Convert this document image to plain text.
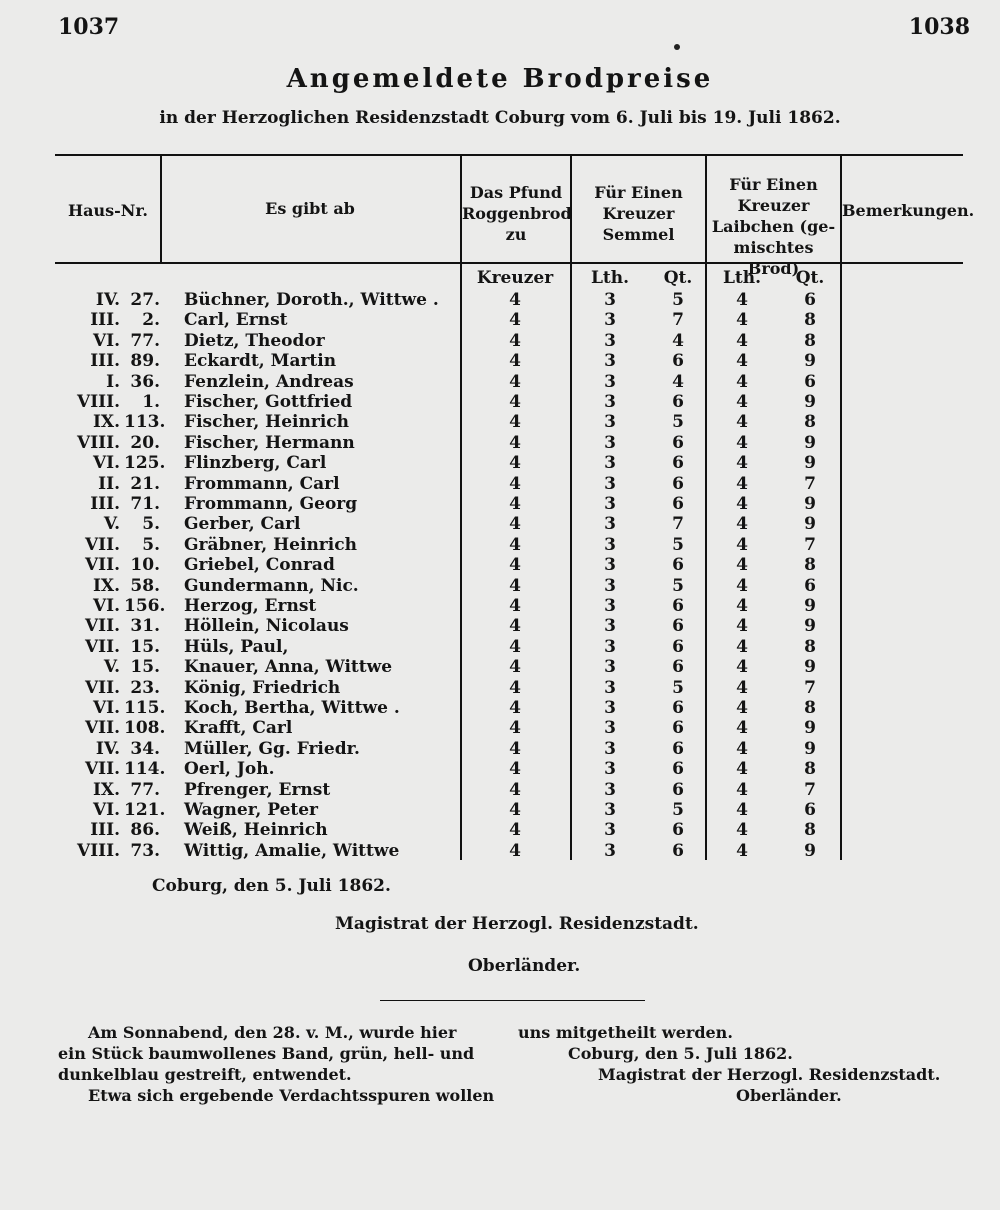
1037	1038
Angemeldete Brodpreise
in der Herzoglichen Residenzstadt Coburg vom 6. Juli bis 19. Juli 1862.
Haus-Nr.	Es gibt ab
Das Pfund
Roggenbrod
zu
Für Einen
Kreuzer
Semmel
Für Einen
Kreuzer
Laibchen (ge-
mischtes Brod)
Bemerkungen.
Kreuzer	Lth.	Qt.	Lth.	Qt.
IV. 27. Büchner, Doroth., Wittwe .	4	3	5	4	6
III.	2. Carl, Ernst	4	3	7	4	8
VI. 77. Dietz, Theodor	4	3	4	4	8
III. 89. Eckardt, Martin	4	3	6	4	9
I. 36. Fenzlein, Andreas	4	3	4	4	6
VIII.	1. Fischer, Gottfried	4	3	6	4	9
IX. 113. Fischer, Heinrich	4	3	5	4	8
VIII. 20. Fischer, Hermann	4	3	6	4	9
VI. 125. Flinzberg, Carl	4	3	6	4	9
II. 21. Frommann, Carl	4	3	6	4	7
III. 71. Frommann, Georg	4	3	6	4	9
V.	5. Gerber, Carl	4	3	7	4	9
VII.	5. Gräbner, Heinrich	4	3	5	4	7
VII. 10. Griebel, Conrad	4	3	6	4	8
IX. 58. Gundermann, Nic.	4	3	5	4	6
VI. 156. Herzog, Ernst	4	3	6	4	9
VII. 31. Höllein, Nicolaus	4	3	6	4	9
VII. 15. Hüls, Paul,	4	3	6	4	8
V. 15. Knauer, Anna, Wittwe	4	3	6	4	9
VII. 23. König, Friedrich	4	3	5	4	7
VI. 115. Koch, Bertha, Wittwe .	4	3	6	4	8
VII. 108. Krafft, Carl	4	3	6	4	9
IV. 34. Müller, Gg. Friedr.	4	3	6	4	9
VII. 114. Oerl, Joh.	4	3	6	4	8
IX. 77. Pfrenger, Ernst	4	3	6	4	7
VI. 121. Wagner, Peter	4	3	5	4	6
III. 86. Weiß, Heinrich	4	3	6	4	8
VIII. 73. Wittig, Amalie, Wittwe	4	3	6	4	9
Coburg, den 5. Juli 1862.
Magistrat der Herzogl. Residenzstadt.
Oberländer.
Am Sonnabend, den 28. v. M., wurde hier
ein Stück baumwollenes Band, grün, hell- und
dunkelblau gestreift, entwendet.
Etwa sich ergebende Verdachtsspuren wollen
uns mitgetheilt werden.
Coburg, den 5. Juli 1862.
Magistrat der Herzogl. Residenzstadt.
Oberländer.
